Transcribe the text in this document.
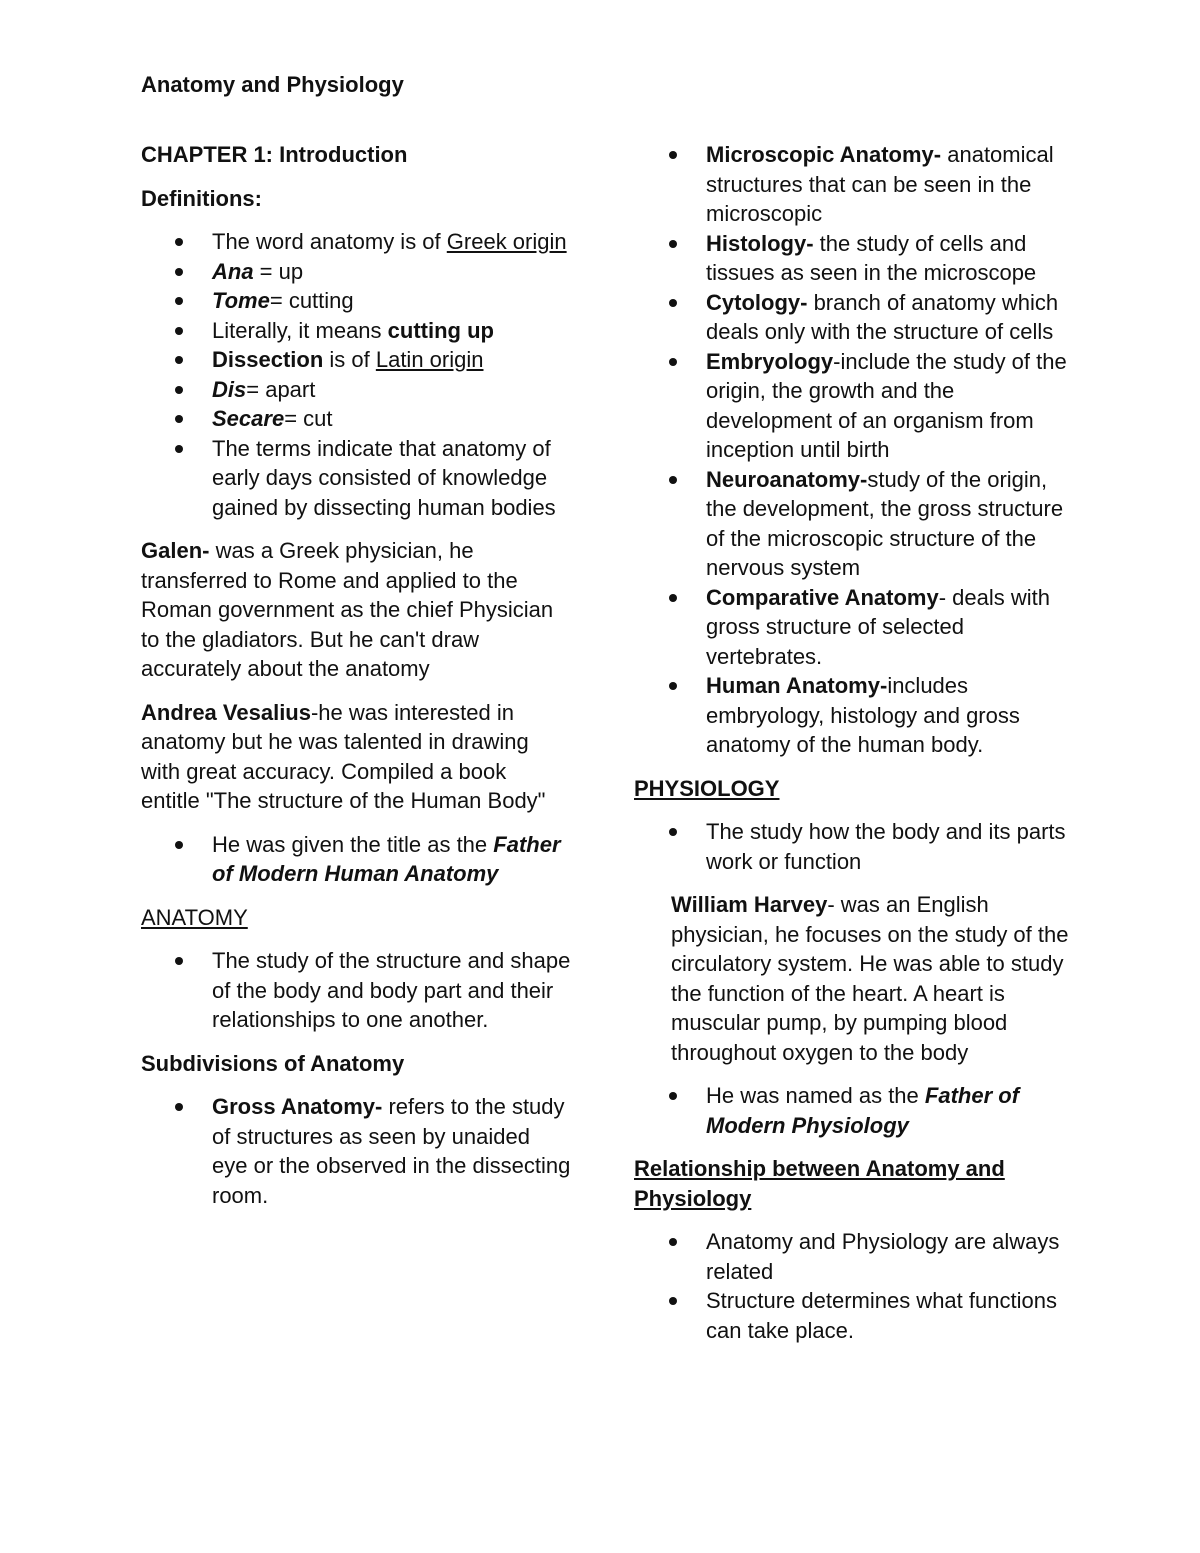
Anatomy and Physiology
CHAPTER 1: Introduction
Definitions:
The word anatomy is of Greek origin
Ana = up
Tome= cutting
Literally, it means cutting up
Dissection is of Latin origin
Dis= apart
Secare= cut
The terms indicate that anatomy of early days consisted of knowledge gained by dissecting human bodies
Galen- was a Greek physician, he transferred to Rome and applied to the Roman government as the chief Physician to the gladiators. But he can't draw accurately about the anatomy
Andrea Vesalius-he was interested in anatomy but he was talented in drawing with great accuracy. Compiled a book entitle "The structure of the Human Body"
He was given the title as the Father of Modern Human Anatomy
ANATOMY
The study of the structure and shape of the body and body part and their relationships to one another.
Subdivisions of Anatomy
Gross Anatomy- refers to the study of structures as seen by unaided eye or the observed in the dissecting room.
Microscopic Anatomy- anatomical structures that can be seen in the microscopic
Histology- the study of cells and tissues as seen in the microscope
Cytology- branch of anatomy which deals only with the structure of cells
Embryology-include the study of the origin, the growth and the development of an organism from inception until birth
Neuroanatomy-study of the origin, the development, the gross structure of the microscopic structure of the nervous system
Comparative Anatomy- deals with gross structure of selected vertebrates.
Human Anatomy-includes embryology, histology and gross anatomy of the human body.
PHYSIOLOGY
The study how the body and its parts work or function
William Harvey- was an English physician, he focuses on the study of the circulatory system. He was able to study the function of the heart. A heart is muscular pump, by pumping blood throughout oxygen to the body
He was named as the Father of Modern Physiology
Relationship between Anatomy and Physiology
Anatomy and Physiology are always related
Structure determines what functions can take place.
